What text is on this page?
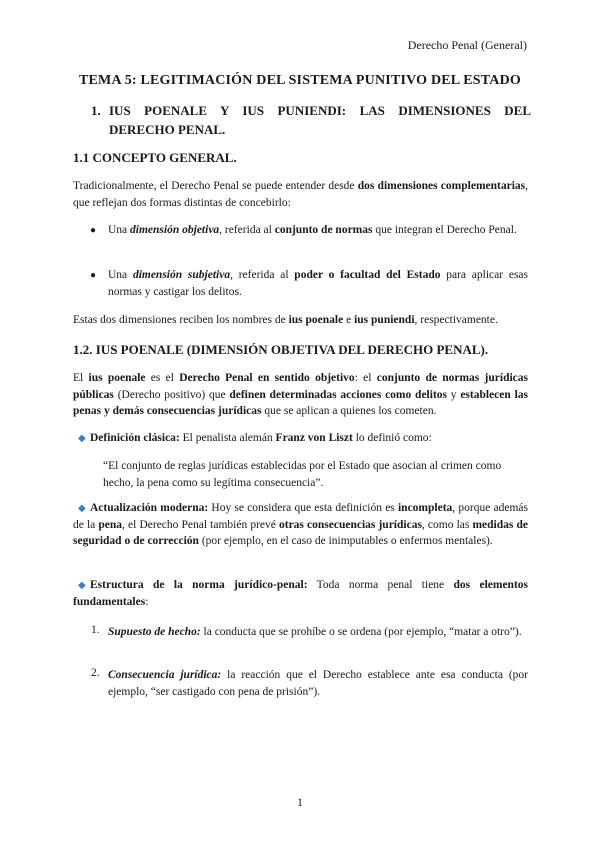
Derecho Penal (General)
TEMA 5: LEGITIMACIÓN DEL SISTEMA PUNITIVO DEL ESTADO
1. IUS POENALE Y IUS PUNIENDI: LAS DIMENSIONES DEL
DERECHO PENAL.
1.1 CONCEPTO GENERAL.
Tradicionalmente, el Derecho Penal se puede entender desde dos dimensiones complementarias, que reflejan dos formas distintas de concebirlo:
● Una dimensión objetiva, referida al conjunto de normas que integran el Derecho Penal.
● Una dimensión subjetiva, referida al poder o facultad del Estado para aplicar esas normas y castigar los delitos.
Estas dos dimensiones reciben los nombres de ius poenale e ius puniendi, respectivamente.
1.2. IUS POENALE (DIMENSIÓN OBJETIVA DEL DERECHO PENAL).
El ius poenale es el Derecho Penal en sentido objetivo: el conjunto de normas jurídicas públicas (Derecho positivo) que definen determinadas acciones como delitos y establecen las penas y demás consecuencias jurídicas que se aplican a quienes los cometen.
◆ Definición clásica: El penalista alemán Franz von Liszt lo definió como:
“El conjunto de reglas jurídicas establecidas por el Estado que asocian al crimen como hecho, la pena como su legítima consecuencia”.
◆ Actualización moderna: Hoy se considera que esta definición es incompleta, porque además de la pena, el Derecho Penal también prevé otras consecuencias jurídicas, como las medidas de seguridad o de corrección (por ejemplo, en el caso de inimputables o enfermos mentales).
◆ Estructura de la norma jurídico-penal: Toda norma penal tiene dos elementos fundamentales:
1. Supuesto de hecho: la conducta que se prohíbe o se ordena (por ejemplo, “matar a otro”).
2. Consecuencia jurídica: la reacción que el Derecho establece ante esa conducta (por ejemplo, “ser castigado con pena de prisión”).
1
